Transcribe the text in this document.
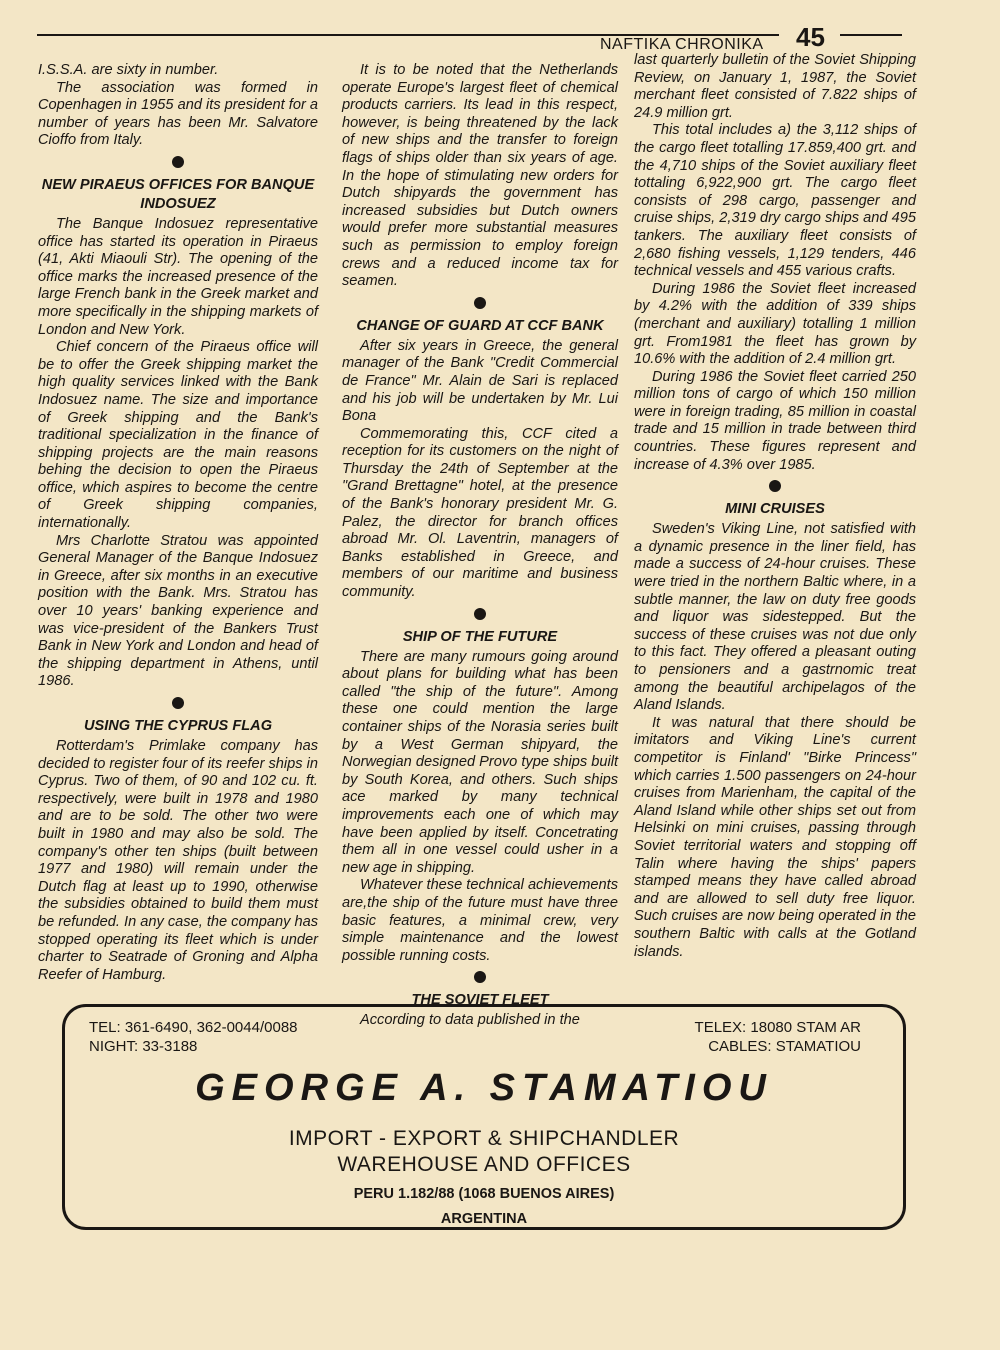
NAFTIKA CHRONIKA 45

I.S.S.A. are sixty in number.

The association was formed in Copenhagen in 1955 and its president for a number of years has been Mr. Salvatore Cioffo from Italy.

NEW PIRAEUS OFFICES FOR BANQUE INDOSUEZ

The Banque Indosuez representative office has started its operation in Piraeus (41, Akti Miaouli Str). The opening of the office marks the increased presence of the large French bank in the Greek market and more specifically in the shipping markets of London and New York.

Chief concern of the Piraeus office will be to offer the Greek shipping market the high quality services linked with the Bank Indosuez name. The size and importance of Greek shipping and the Bank's traditional specialization in the finance of shipping projects are the main reasons behing the decision to open the Piraeus office, which aspires to become the centre of Greek shipping companies, internationally.

Mrs Charlotte Stratou was appointed General Manager of the Banque Indosuez in Greece, after six months in an executive position with the Bank. Mrs. Stratou has over 10 years' banking experience and was vice-president of the Bankers Trust Bank in New York and London and head of the shipping department in Athens, until 1986.

USING THE CYPRUS FLAG

Rotterdam's Primlake company has decided to register four of its reefer ships in Cyprus. Two of them, of 90 and 102 cu. ft. respectively, were built in 1978 and 1980 and are to be sold. The other two were built in 1980 and may also be sold. The company's other ten ships (built between 1977 and 1980) will remain under the Dutch flag at least up to 1990, otherwise the subsidies obtained to build them must be refunded. In any case, the company has stopped operating its fleet which is under charter to Seatrade of Groning and Alpha Reefer of Hamburg.

It is to be noted that the Netherlands operate Europe's largest fleet of chemical products carriers. Its lead in this respect, however, is being threatened by the lack of new ships and the transfer to foreign flags of ships older than six years of age. In the hope of stimulating new orders for Dutch shipyards the government has increased subsidies but Dutch owners would prefer more substantial measures such as permission to employ foreign crews and a reduced income tax for seamen.

CHANGE OF GUARD AT CCF BANK

After six years in Greece, the general manager of the Bank "Credit Commercial de France" Mr. Alain de Sari is replaced and his job will be undertaken by Mr. Lui Bona

Commemorating this, CCF cited a reception for its customers on the night of Thursday the 24th of September at the "Grand Brettagne" hotel, at the presence of the Bank's honorary president Mr. G. Palez, the director for branch offices abroad Mr. Ol. Laventrin, managers of Banks established in Greece, and members of our maritime and business community.

SHIP OF THE FUTURE

There are many rumours going around about plans for building what has been called "the ship of the future". Among these one could mention the large container ships of the Norasia series built by a West German shipyard, the Norwegian designed Provo type ships built by South Korea, and others. Such ships ace marked by many technical improvements each one of which may have been applied by itself. Concetrating them all in one vessel could usher in a new age in shipping.

Whatever these technical achievements are,the ship of the future must have three basic features, a minimal crew, very simple maintenance and the lowest possible running costs.

THE SOVIET FLEET

According to data published in the

last quarterly bulletin of the Soviet Shipping Review, on January 1, 1987, the Soviet merchant fleet consisted of 7.822 ships of 24.9 million grt.

This total includes a) the 3,112 ships of the cargo fleet totalling 17.859,400 grt. and the 4,710 ships of the Soviet auxiliary fleet tottaling 6,922,900 grt. The cargo fleet consists of 298 cargo, passenger and cruise ships, 2,319 dry cargo ships and 495 tankers. The auxiliary fleet consists of 2,680 fishing vessels, 1,129 tenders, 446 technical vessels and 455 various crafts.

During 1986 the Soviet fleet increased by 4.2% with the addition of 339 ships (merchant and auxiliary) totalling 1 million grt. From1981 the fleet has grown by 10.6% with the addition of 2.4 million grt.

During 1986 the Soviet fleet carried 250 million tons of cargo of which 150 million were in foreign trading, 85 million in coastal trade and 15 million in trade between third countries. These figures represent and increase of 4.3% over 1985.

MINI CRUISES

Sweden's Viking Line, not satisfied with a dynamic presence in the liner field, has made a success of 24-hour cruises. These were tried in the northern Baltic where, in a subtle manner, the law on duty free goods and liquor was sidestepped. But the success of these cruises was not due only to this fact. They offered a pleasant outing to pensioners and a gastrnomic treat among the beautiful archipelagos of the Aland Islands.

It was natural that there should be imitators and Viking Line's current competitor is Finland' "Birke Princess" which carries 1.500 passengers on 24-hour cruises from Marienham, the capital of the Aland Island while other ships set out from Helsinki on mini cruises, passing through Soviet territorial waters and stopping off Talin where having the ships' papers stamped means they have called abroad and are allowed to sell duty free liquor. Such cruises are now being operated in the southern Baltic with calls at the Gotland islands.

TEL: 361-6490, 362-0044/0088
NIGHT: 33-3188
TELEX: 18080 STAM AR
CABLES: STAMATIOU
GEORGE A. STAMATIOU
IMPORT - EXPORT & SHIPCHANDLER
WAREHOUSE AND OFFICES
PERU 1.182/88 (1068 BUENOS AIRES)
ARGENTINA
